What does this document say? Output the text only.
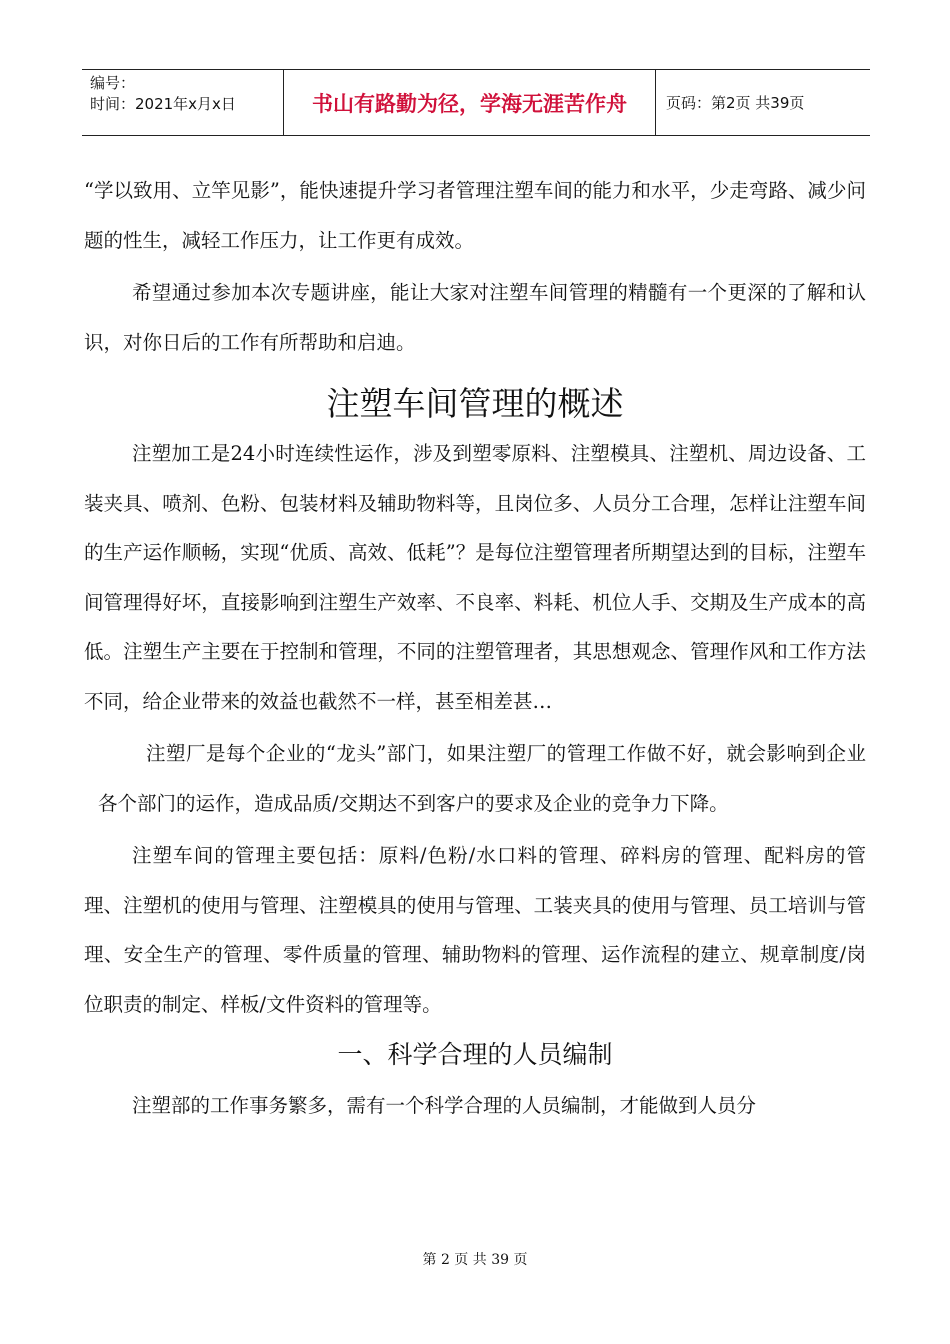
编号：
时间：2021年x月x日	书山有路勤为径，学海无涯苦作舟	页码：第2页 共39页

“学以致用、立竿见影”，能快速提升学习者管理注塑车间的能力和水平，少走弯路、减少问题的性生，减轻工作压力，让工作更有成效。

希望通过参加本次专题讲座，能让大家对注塑车间管理的精髓有一个更深的了解和认识，对你日后的工作有所帮助和启迪。

注塑车间管理的概述

注塑加工是24小时连续性运作，涉及到塑零原料、注塑模具、注塑机、周边设备、工装夹具、喷剂、色粉、包装材料及辅助物料等，且岗位多、人员分工合理，怎样让注塑车间的生产运作顺畅，实现“优质、高效、低耗”？是每位注塑管理者所期望达到的目标，注塑车间管理得好坏，直接影响到注塑生产效率、不良率、料耗、机位人手、交期及生产成本的高低。注塑生产主要在于控制和管理，不同的注塑管理者，其思想观念、管理作风和工作方法不同，给企业带来的效益也截然不一样，甚至相差甚…

注塑厂是每个企业的“龙头”部门，如果注塑厂的管理工作做不好，就会影响到企业各个部门的运作，造成品质/交期达不到客户的要求及企业的竞争力下降。

注塑车间的管理主要包括：原料/色粉/水口料的管理、碎料房的管理、配料房的管理、注塑机的使用与管理、注塑模具的使用与管理、工装夹具的使用与管理、员工培训与管理、安全生产的管理、零件质量的管理、辅助物料的管理、运作流程的建立、规章制度/岗位职责的制定、样板/文件资料的管理等。

一、科学合理的人员编制

注塑部的工作事务繁多，需有一个科学合理的人员编制，才能做到人员分

第 2 页 共 39 页
